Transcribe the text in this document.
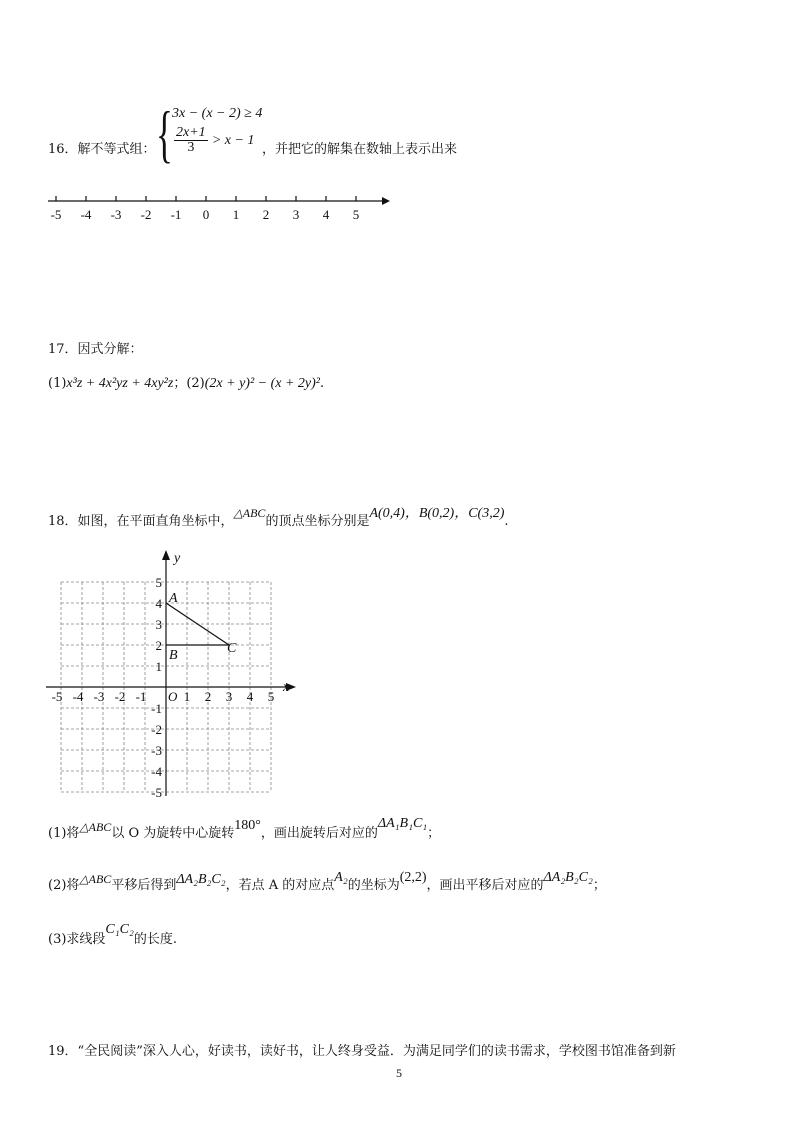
16．解不等式组： { 3x − (x − 2) ≥ 4
$\frac{2x+1}{3} > x - 1$
，并把它的解集在数轴上表示出来
-5 -4 -3 -2 -1 0 1 2 3 4 5
17．因式分解：
(1)x³z + 4x²yz + 4xy²z；(2)(2x + y)² − (x + 2y)².
18．如图，在平面直角坐标中，△ABC的顶点坐标分别是A(0,4)，B(0,2)，C(3,2).
-5 -4 -3 -2 -1	1 2 3 4 5
5
4
3
2
1
-1
-2
-3
-4
-5
O
x
y
A
B	C
(1)将△ABC以 O 为旋转中心旋转180°，画出旋转后对应的ΔA₁B₁C₁；
(2)将△ABC平移后得到ΔA₂B₂C₂，若点 A 的对应点A₂的坐标为(2,2)，画出平移后对应的ΔA₂B₂C₂；
(3)求线段C₁C₂的长度.
19．“全民阅读”深入人心，好读书，读好书，让人终身受益．为满足同学们的读书需求，学校图书馆准备到新
5
